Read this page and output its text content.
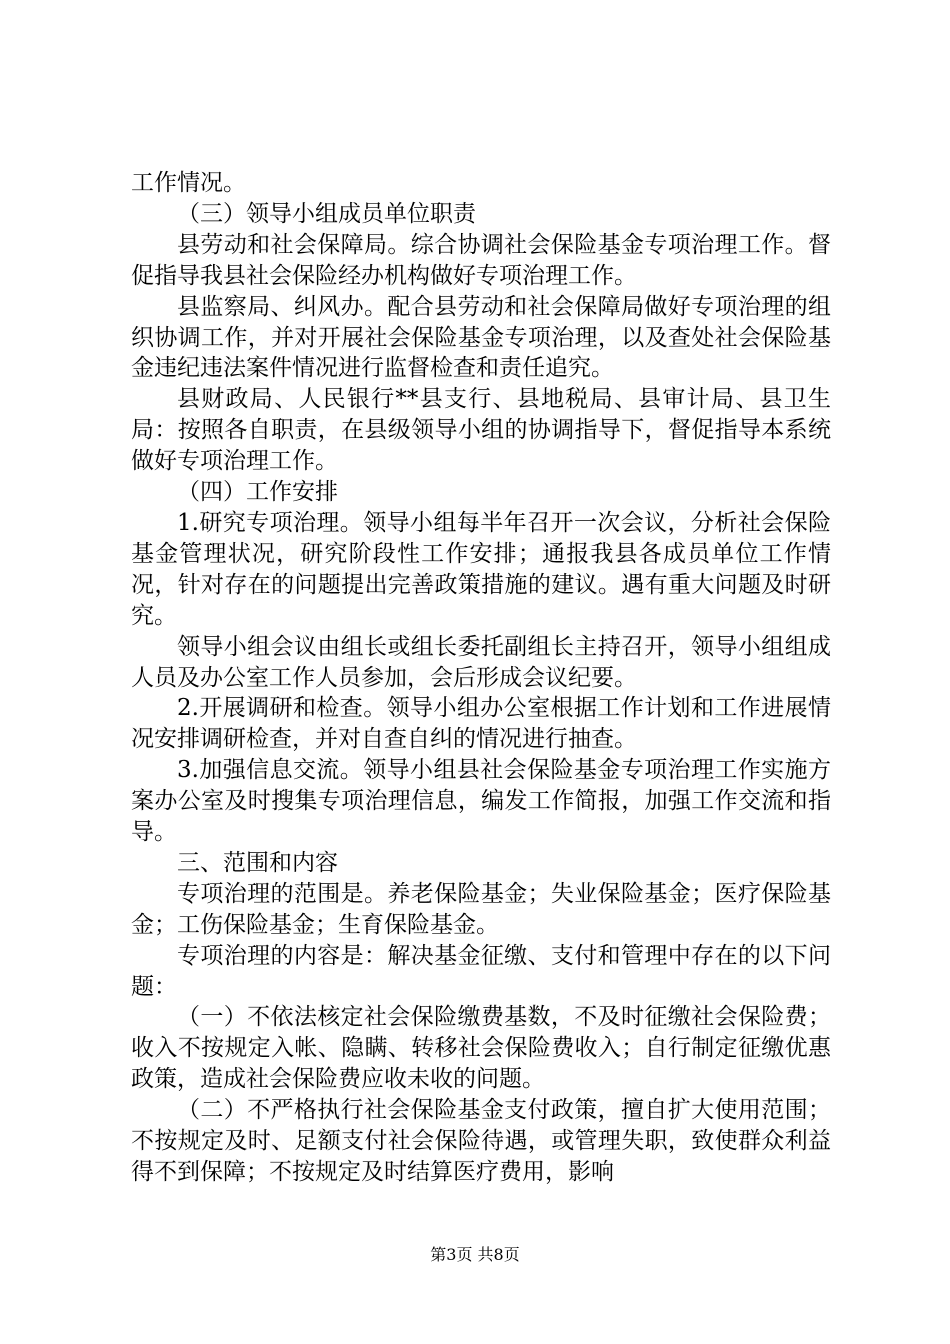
工作情况。

（三）领导小组成员单位职责

县劳动和社会保障局。综合协调社会保险基金专项治理工作。督促指导我县社会保险经办机构做好专项治理工作。

县监察局、纠风办。配合县劳动和社会保障局做好专项治理的组织协调工作，并对开展社会保险基金专项治理，以及查处社会保险基金违纪违法案件情况进行监督检查和责任追究。

县财政局、人民银行**县支行、县地税局、县审计局、县卫生局：按照各自职责，在县级领导小组的协调指导下，督促指导本系统做好专项治理工作。

（四）工作安排

1.研究专项治理。领导小组每半年召开一次会议，分析社会保险基金管理状况，研究阶段性工作安排；通报我县各成员单位工作情况，针对存在的问题提出完善政策措施的建议。遇有重大问题及时研究。

领导小组会议由组长或组长委托副组长主持召开，领导小组组成人员及办公室工作人员参加，会后形成会议纪要。

2.开展调研和检查。领导小组办公室根据工作计划和工作进展情况安排调研检查，并对自查自纠的情况进行抽查。

3.加强信息交流。领导小组县社会保险基金专项治理工作实施方案办公室及时搜集专项治理信息，编发工作简报，加强工作交流和指导。

三、范围和内容

专项治理的范围是。养老保险基金；失业保险基金；医疗保险基金；工伤保险基金；生育保险基金。

专项治理的内容是：解决基金征缴、支付和管理中存在的以下问题：

（一）不依法核定社会保险缴费基数，不及时征缴社会保险费；收入不按规定入帐、隐瞒、转移社会保险费收入；自行制定征缴优惠政策，造成社会保险费应收未收的问题。

（二）不严格执行社会保险基金支付政策，擅自扩大使用范围；不按规定及时、足额支付社会保险待遇，或管理失职，致使群众利益得不到保障；不按规定及时结算医疗费用，影响

第3页 共8页
